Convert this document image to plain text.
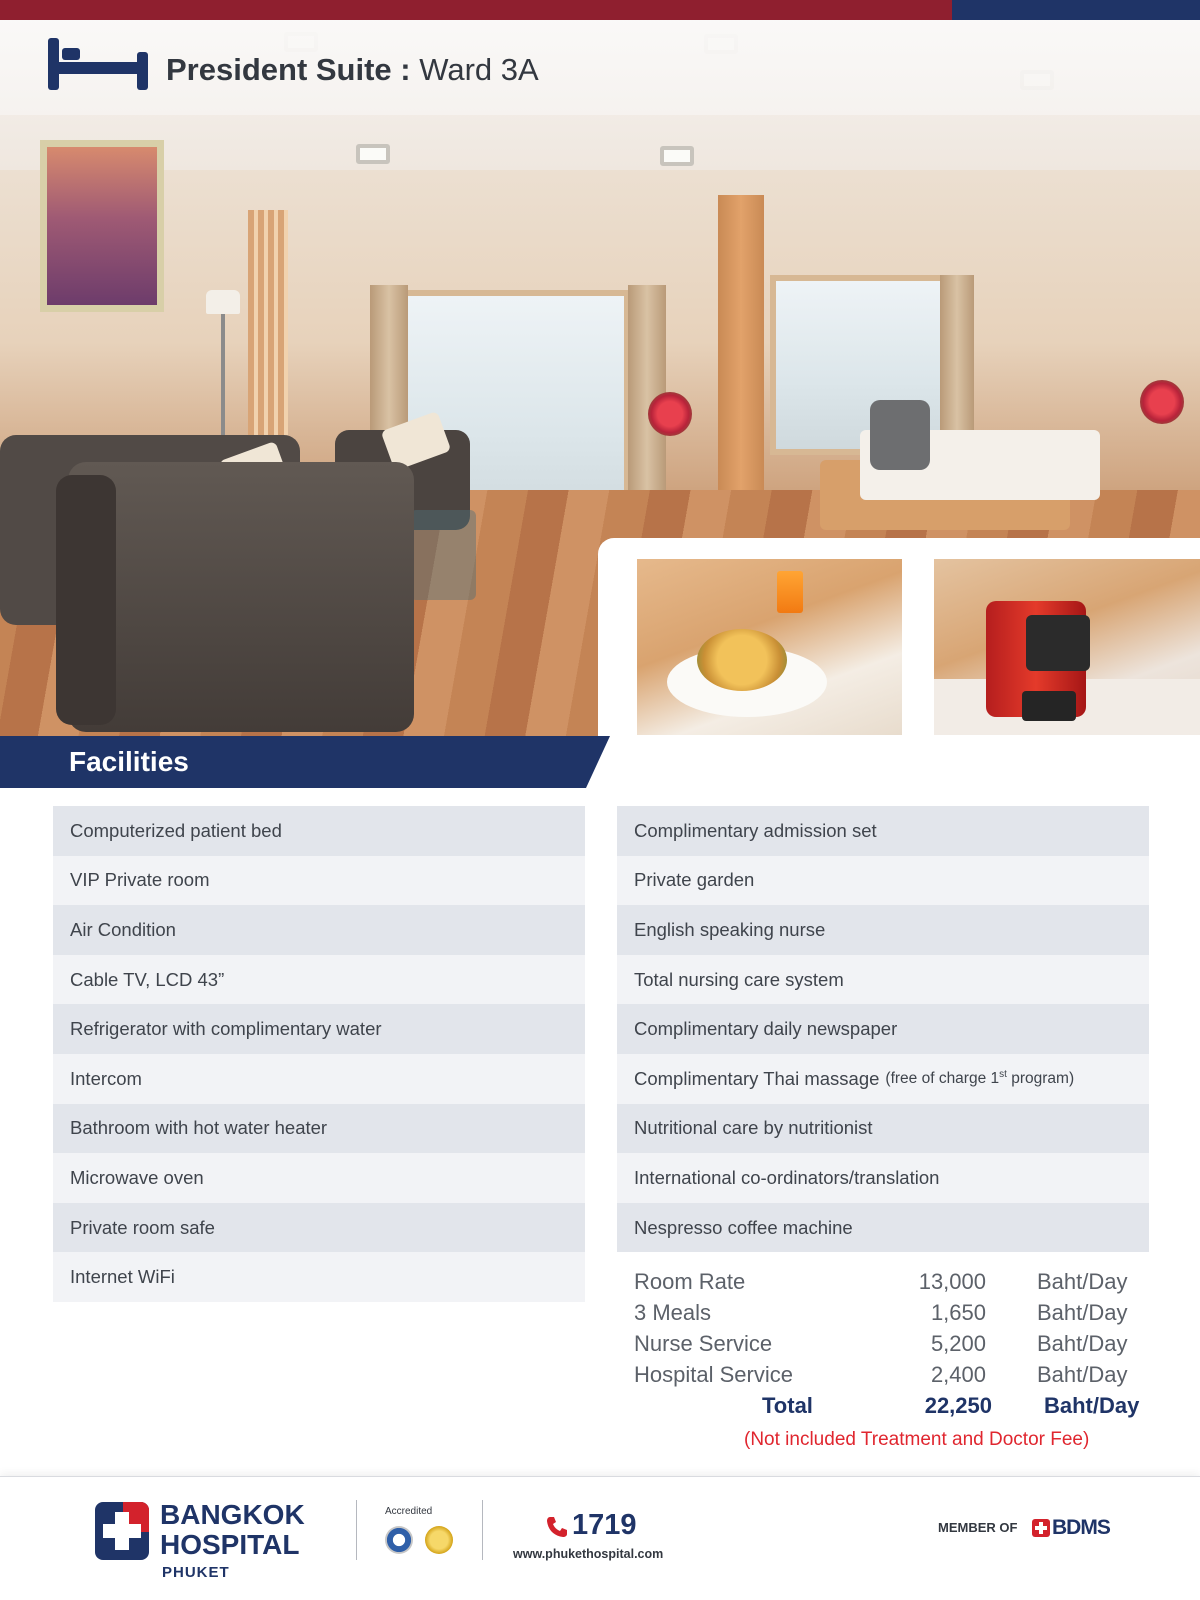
President Suite : Ward 3A
Facilities
Computerized patient bed
VIP Private room
Air Condition
Cable TV, LCD 43”
Refrigerator with complimentary water
Intercom
Bathroom with hot water heater
Microwave oven
Private room safe
Internet WiFi
Complimentary admission set
Private garden
English speaking nurse
Total nursing care system
Complimentary daily newspaper
Complimentary Thai massage (free of charge 1st program)
Nutritional care by nutritionist
International co-ordinators/translation
Nespresso coffee machine
Room Rate	13,000 Baht/Day
3 Meals	1,650 Baht/Day
Nurse Service	5,200 Baht/Day
Hospital Service	2,400 Baht/Day
Total	22,250 Baht/Day
(Not included Treatment and Doctor Fee)
BANGKOK
HOSPITAL
PHUKET
Accredited	1719
www.phukethospital.com
MEMBER OF BDMS
